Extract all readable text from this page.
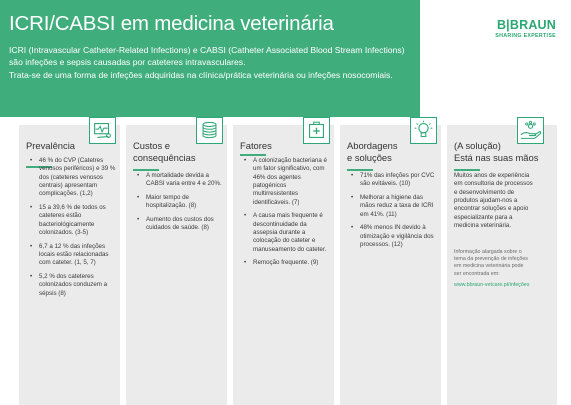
ICRI/CABSI em medicina veterinária
ICRI (Intravascular Catheter-Related Infections) e CABSI (Catheter Associated Blood Stream Infections)
são infeções e sepsis causadas por cateteres intravasculares.
Trata-se de uma forma de infeções adquiridas na clínica/prática veterinária ou infeções nosocomiais.
B|BRAUN
SHARING EXPERTISE
Prevalência
• 46 % do CVP (Catetres
venosos periféricos) e 39 %
dos (cateteres venosos
centrais) apresentam
complicações. (1,2)
• 15 a 39,6 % de todos os
cateteres estão
bacteriológicamente
colonizados. (3-5)
• 6,7 a 12 % das infeções
locais estão relacionadas
com cateter. (1, 5, 7)
• 5,2 % dos cateteres
colonizados conduzem a
sépsis (8)
Custos e
consequências
• A mortalidade devida a
CABSI varia entre 4 e 20%.
• Maior tempo de
hospitalização. (8)
• Aumento dos custos dos
cuidados de saúde. (8)
Fatores
• A colonização bacteriana é
um fator significativo, com
46% dos agentes
patogénicos
multirresistentes
identificáveis. (7)
• A causa mais frequente é
descontinuidade da
assepsia durante a
colocação do cateter e
manuseamento do cateter.
• Remoção frequente. (9)
Abordagens
e soluções
• 71% das infeções por CVC
são evitáveis. (10)
• Melhorar a higiene das
mãos reduz a taxa de ICRI
em 41%. (11)
• 48% menos IN devido à
otimização e vigilância dos
processos. (12)
(A solução)
Está nas suas mãos
Muitos anos de experiência
em consultoria de processos
e desenvolvimento de
produtos ajudam-nos a
encontrar soluções e apoio
especializante para a
medicina veterinária.
Informação alargada sobre o
tema da prevenção de infeções
em medicina veterinária pode
ser encontrada em:
www.bbraun-vetcare.pt/infeções
